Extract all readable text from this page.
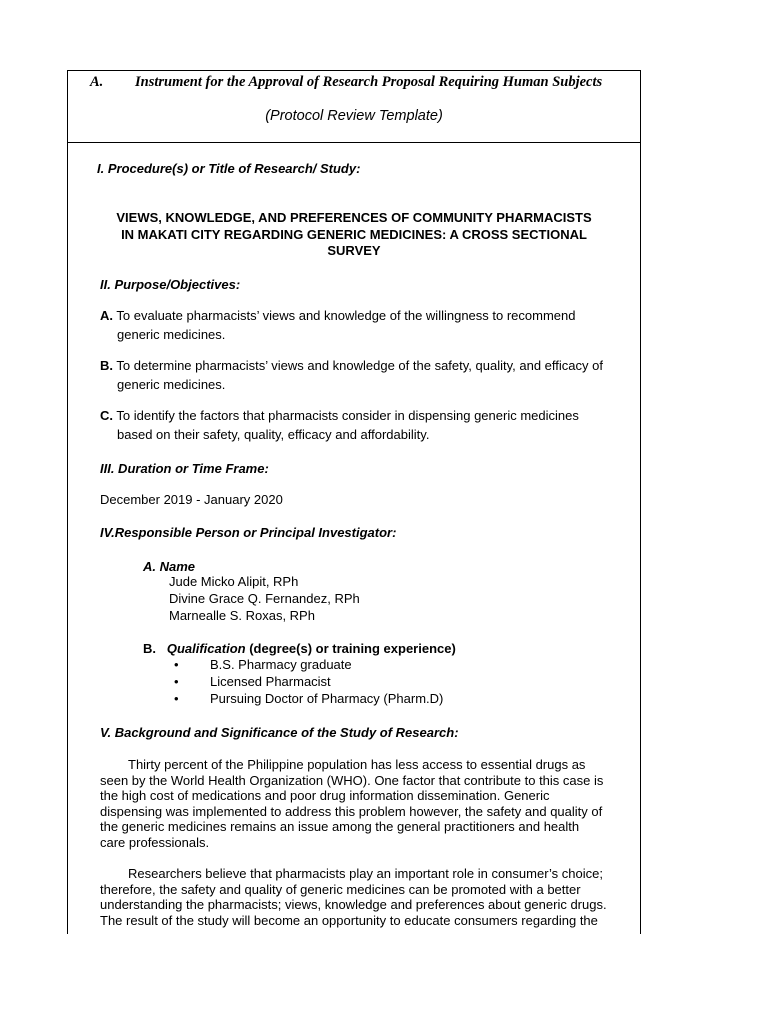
A. Instrument for the Approval of Research Proposal Requiring Human Subjects
(Protocol Review Template)
I. Procedure(s) or Title of Research/ Study:
VIEWS, KNOWLEDGE, AND PREFERENCES OF COMMUNITY PHARMACISTS
IN MAKATI CITY REGARDING GENERIC MEDICINES: A CROSS SECTIONAL
SURVEY
II. Purpose/Objectives:
A. To evaluate pharmacists’ views and knowledge of the willingness to recommend
generic medicines.
B. To determine pharmacists’ views and knowledge of the safety, quality, and efficacy of
generic medicines.
C. To identify the factors that pharmacists consider in dispensing generic medicines
based on their safety, quality, efficacy and affordability.
III. Duration or Time Frame:
December 2019 - January 2020
IV.Responsible Person or Principal Investigator:
A. Name
Jude Micko Alipit, RPh
Divine Grace Q. Fernandez, RPh
Marnealle S. Roxas, RPh
B. Qualification (degree(s) or training experience)
• B.S. Pharmacy graduate
• Licensed Pharmacist
• Pursuing Doctor of Pharmacy (Pharm.D)
V. Background and Significance of the Study of Research:
Thirty percent of the Philippine population has less access to essential drugs as
seen by the World Health Organization (WHO). One factor that contribute to this case is
the high cost of medications and poor drug information dissemination. Generic
dispensing was implemented to address this problem however, the safety and quality of
the generic medicines remains an issue among the general practitioners and health
care professionals.
Researchers believe that pharmacists play an important role in consumer’s choice;
therefore, the safety and quality of generic medicines can be promoted with a better
understanding the pharmacists; views, knowledge and preferences about generic drugs.
The result of the study will become an opportunity to educate consumers regarding the
